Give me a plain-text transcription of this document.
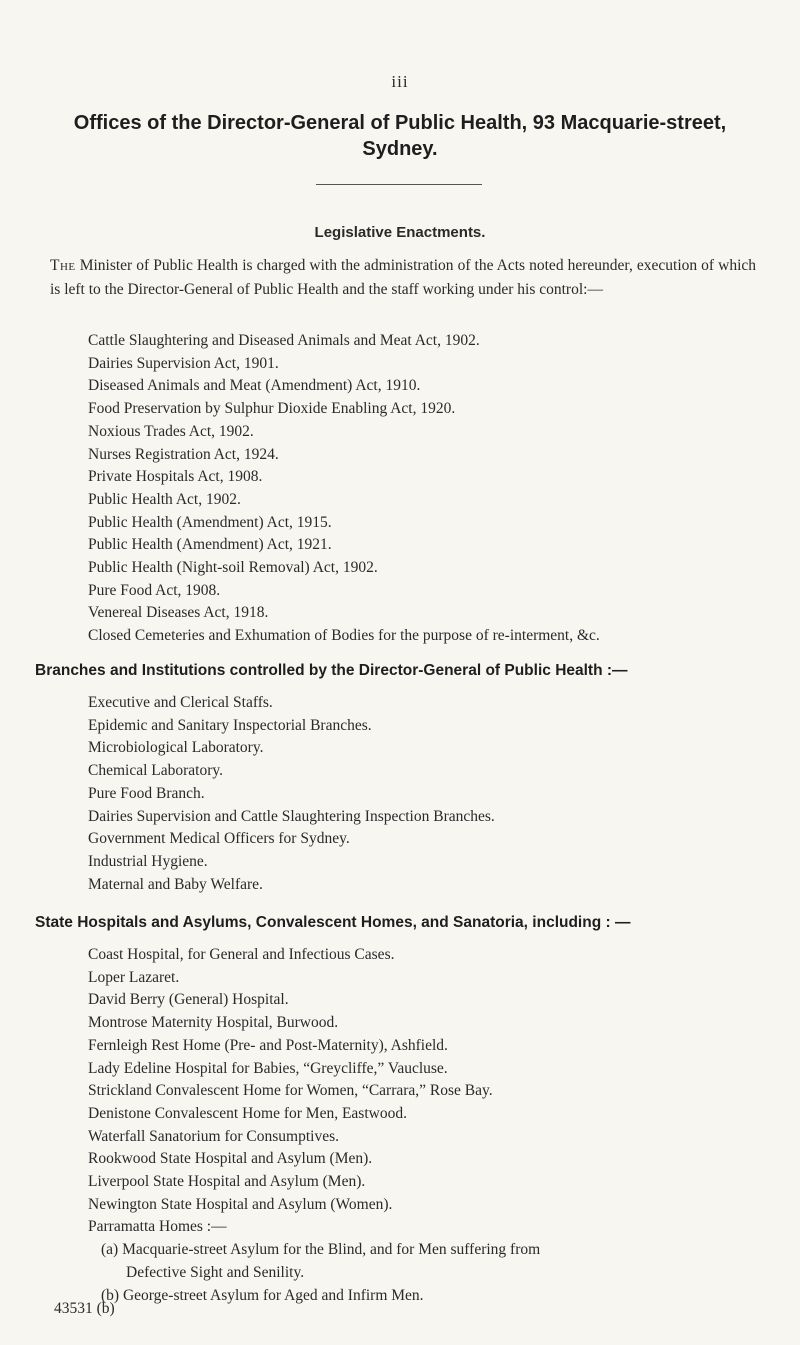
iii
Offices of the Director-General of Public Health, 93 Macquarie-street, Sydney.
Legislative Enactments.
The Minister of Public Health is charged with the administration of the Acts noted hereunder, execution of which is left to the Director-General of Public Health and the staff working under his control:—
Cattle Slaughtering and Diseased Animals and Meat Act, 1902.
Dairies Supervision Act, 1901.
Diseased Animals and Meat (Amendment) Act, 1910.
Food Preservation by Sulphur Dioxide Enabling Act, 1920.
Noxious Trades Act, 1902.
Nurses Registration Act, 1924.
Private Hospitals Act, 1908.
Public Health Act, 1902.
Public Health (Amendment) Act, 1915.
Public Health (Amendment) Act, 1921.
Public Health (Night-soil Removal) Act, 1902.
Pure Food Act, 1908.
Venereal Diseases Act, 1918.
Closed Cemeteries and Exhumation of Bodies for the purpose of re-interment, &c.
Branches and Institutions controlled by the Director-General of Public Health :—
Executive and Clerical Staffs.
Epidemic and Sanitary Inspectorial Branches.
Microbiological Laboratory.
Chemical Laboratory.
Pure Food Branch.
Dairies Supervision and Cattle Slaughtering Inspection Branches.
Government Medical Officers for Sydney.
Industrial Hygiene.
Maternal and Baby Welfare.
State Hospitals and Asylums, Convalescent Homes, and Sanatoria, including : —
Coast Hospital, for General and Infectious Cases.
Loper Lazaret.
David Berry (General) Hospital.
Montrose Maternity Hospital, Burwood.
Fernleigh Rest Home (Pre- and Post-Maternity), Ashfield.
Lady Edeline Hospital for Babies, “Greycliffe,” Vaucluse.
Strickland Convalescent Home for Women, “Carrara,” Rose Bay.
Denistone Convalescent Home for Men, Eastwood.
Waterfall Sanatorium for Consumptives.
Rookwood State Hospital and Asylum (Men).
Liverpool State Hospital and Asylum (Men).
Newington State Hospital and Asylum (Women).
Parramatta Homes :—
(a) Macquarie-street Asylum for the Blind, and for Men suffering from
Defective Sight and Senility.
(b) George-street Asylum for Aged and Infirm Men.
43531 (b)
